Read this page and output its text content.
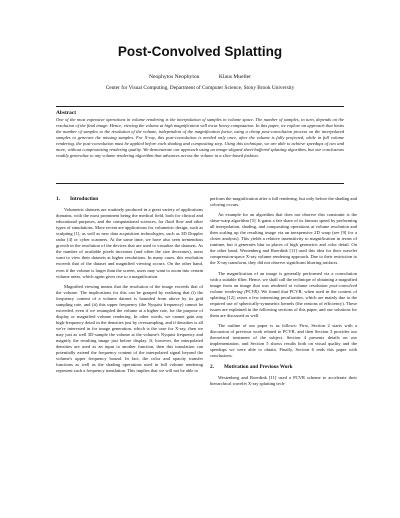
Post-Convolved Splatting
Neophytos Neophytou	Klaus Mueller
Center for Visual Computing, Department of Computer Science, Stony Brook University
Abstract
One of the most expensive operations in volume rendering is the interpolation of samples in volume space. The number of samples, in turn, depends on the resolution of the final image. Hence, viewing the volume at high magnification will incur heavy computation. In this paper, we explore an approach that limits the number of samples to the resolution of the volume, independent of the magnification factor, using a cheap post-convolution process on the interpolated samples to generate the missing samples. For X-ray, this post-convolution is needed only once, after the volume is fully projected, while in full volume rendering, the post-convolution must be applied before each shading and compositing step. Using this technique, we are able to achieve speedups of two and more, without compromising rendering quality. We demonstrate our approach using an image-aligned sheet-buffered splatting algorithm, but our conclusions readily generalize to any volume rendering algorithm that advances across the volume in a slice-based fashion.
1. Introduction

Volumetric datasets are routinely produced in a great variety of applications domains, with the most prominent being the medical field, both for clinical and educational purposes, and the computational sciences, for fluid flow and other types of simulations. More recent are applications for volumetric design, such as sculpting [1], as well as new data acquisition technologies, such as 3D Doppler radar [4] or cyber scanners. At the same time, we have also seen tremendous growth in the resolution of the devices that are used to visualize the datasets. As the number of available pixels increases (and often the size decreases), users want to view their datasets at higher resolutions. In many cases, this resolution exceeds that of the dataset and magnified viewing occurs. On the other hand, even if the volume is larger than the screen, users may want to zoom into certain volume areas, which again gives rise to a magnification.

Magnified viewing means that the resolution of the image exceeds that of the volume. The implications for this can be grasped by realizing that (i) the frequency content of a volume dataset is bounded from above by its grid sampling rate, and (ii) this upper frequency (the Nyquist frequency) cannot be exceeded, even if we resampled the volume at a higher rate, for the purpose of display or magnified volume rendering. In other words, we cannot gain any high-frequency detail in the densities just by oversampling, and if densities is all we're interested in for image generation, which is the case for X-ray, then we may just as well 3D-sample the volume at the volume's Nyquist frequency and magnify the resulting image just before display. If, however, the interpolated densities are used as an input to another function, then this translation can potentially extend the frequency content of the interpolated signal beyond the volume's upper frequency bound. In fact, the color and opacity transfer functions as well as the shading operations used in full volume rendering represent such a frequency translation. This implies that we will not be able to

perform the magnification after a full rendering, but only before the shading and coloring occurs.

An example for an algorithm that does not observe this constraint is the shear-warp algorithm [5]. It gains a fair share of its famous speed by performing all interpolation, shading, and compositing operations at volume resolution and then scaling up the resulting image via an inexpensive 2D warp (see [9] for a closer analysis). This yields a relative insensitivity to magnification in terms of runtime, but it generates blur in places of high geometric and color detail. On the other hand, Westenberg and Roerdink [11] used this idea for their wavelet compression-space X-ray volume rendering approach. Due to their restriction to the X-ray transform, they did not observe significant blurring artifacts.

The magnification of an image is generally performed via a convolution with a suitable filter. Hence, we shall call the technique of obtaining a magnified image from an image that was rendered at volume resolution post-convolved volume rendering (PCVR). We found that PCVR, when used in the context of splatting [12], raises a few interesting peculiarities, which are mainly due to the required use of spherically-symmetric kernels (the reasons of efficiency). These issues are explained in the following sections of this paper, and our solutions for them are discussed as well.

The outline of our paper is as follows: First, Section 2 starts with a discussion of previous work related to PCVR, and then Section 3 provides our theoretical treatment of the subject. Section 4 presents details on our implementation, and Section 5 shows results both on visual quality and the speedups we were able to obtain. Finally, Section 6 ends this paper with conclusions.

2. Motivation and Previous Work

Westenberg and Roerdink [11] used a PCVR scheme to accelerate their hierarchical wavelet X-ray splatting tech-
